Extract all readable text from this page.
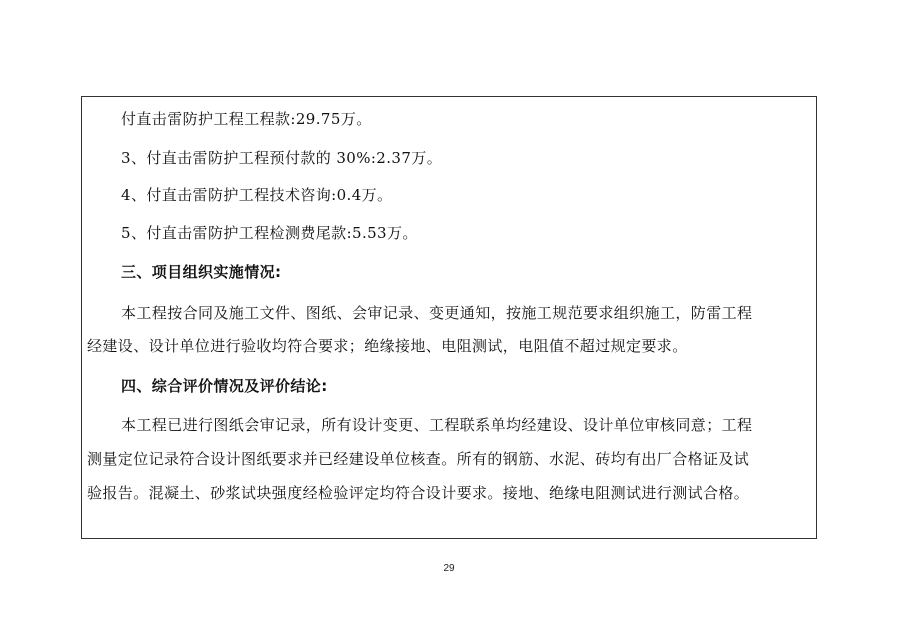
付直击雷防护工程工程款:29.75万。
3、付直击雷防护工程预付款的 30%:2.37万。
4、付直击雷防护工程技术咨询:0.4万。
5、付直击雷防护工程检测费尾款:5.53万。
三、项目组织实施情况:
本工程按合同及施工文件、图纸、会审记录、变更通知，按施工规范要求组织施工，防雷工程
经建设、设计单位进行验收均符合要求；绝缘接地、电阻测试，电阻值不超过规定要求。
四、综合评价情况及评价结论:
本工程已进行图纸会审记录，所有设计变更、工程联系单均经建设、设计单位审核同意；工程
测量定位记录符合设计图纸要求并已经建设单位核查。所有的钢筋、水泥、砖均有出厂合格证及试
验报告。混凝土、砂浆试块强度经检验评定均符合设计要求。接地、绝缘电阻测试进行测试合格。
29
